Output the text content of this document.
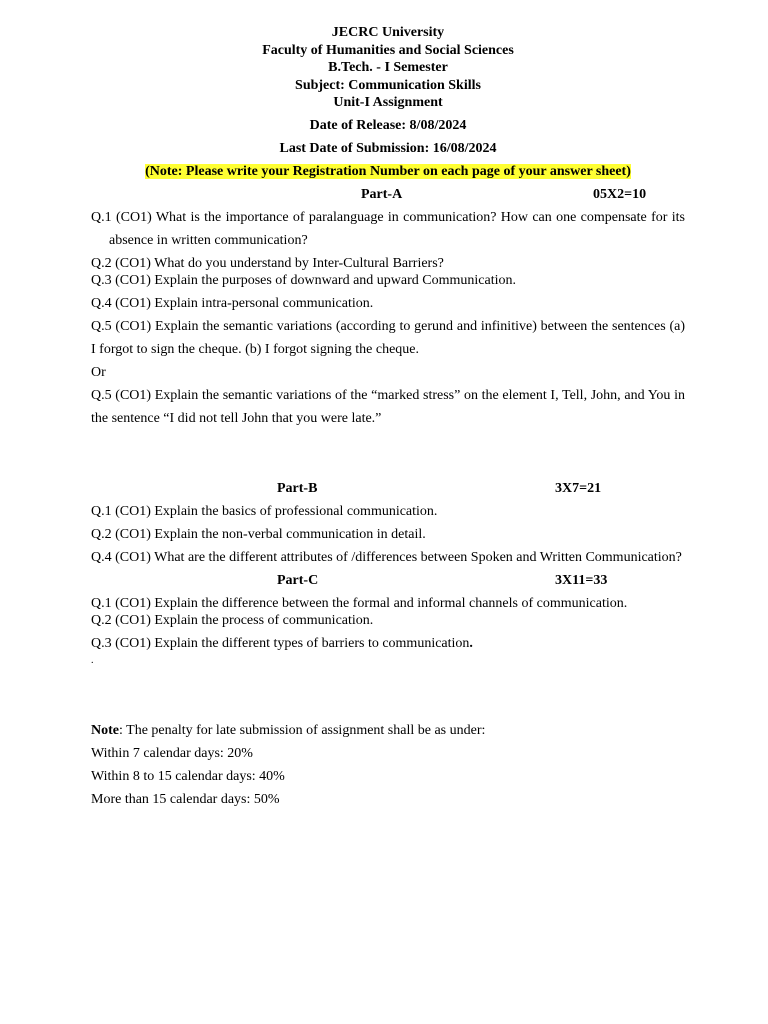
JECRC University
Faculty of Humanities and Social Sciences
B.Tech. - I Semester
Subject: Communication Skills
Unit-I Assignment
Date of Release: 8/08/2024
Last Date of Submission: 16/08/2024
(Note: Please write your Registration Number on each page of your answer sheet)
Part-A	05X2=10
Q.1 (CO1) What is the importance of paralanguage in communication? How can one compensate for its absence in written communication?
Q.2 (CO1) What do you understand by Inter-Cultural Barriers?
Q.3 (CO1) Explain the purposes of downward and upward Communication.
Q.4 (CO1) Explain intra-personal communication.
Q.5 (CO1) Explain the semantic variations (according to gerund and infinitive) between the sentences (a) I forgot to sign the cheque. (b) I forgot signing the cheque.
Or
Q.5 (CO1) Explain the semantic variations of the “marked stress” on the element I, Tell, John, and You in the sentence “I did not tell John that you were late.”
Part-B	3X7=21
Q.1 (CO1) Explain the basics of professional communication.
Q.2 (CO1) Explain the non-verbal communication in detail.
Q.4 (CO1) What are the different attributes of /differences between Spoken and Written Communication?
Part-C	3X11=33
Q.1 (CO1) Explain the difference between the formal and informal channels of communication.
Q.2 (CO1) Explain the process of communication.
Q.3 (CO1) Explain the different types of barriers to communication.
.
Note: The penalty for late submission of assignment shall be as under:
Within 7 calendar days: 20%
Within 8 to 15 calendar days: 40%
More than 15 calendar days: 50%
